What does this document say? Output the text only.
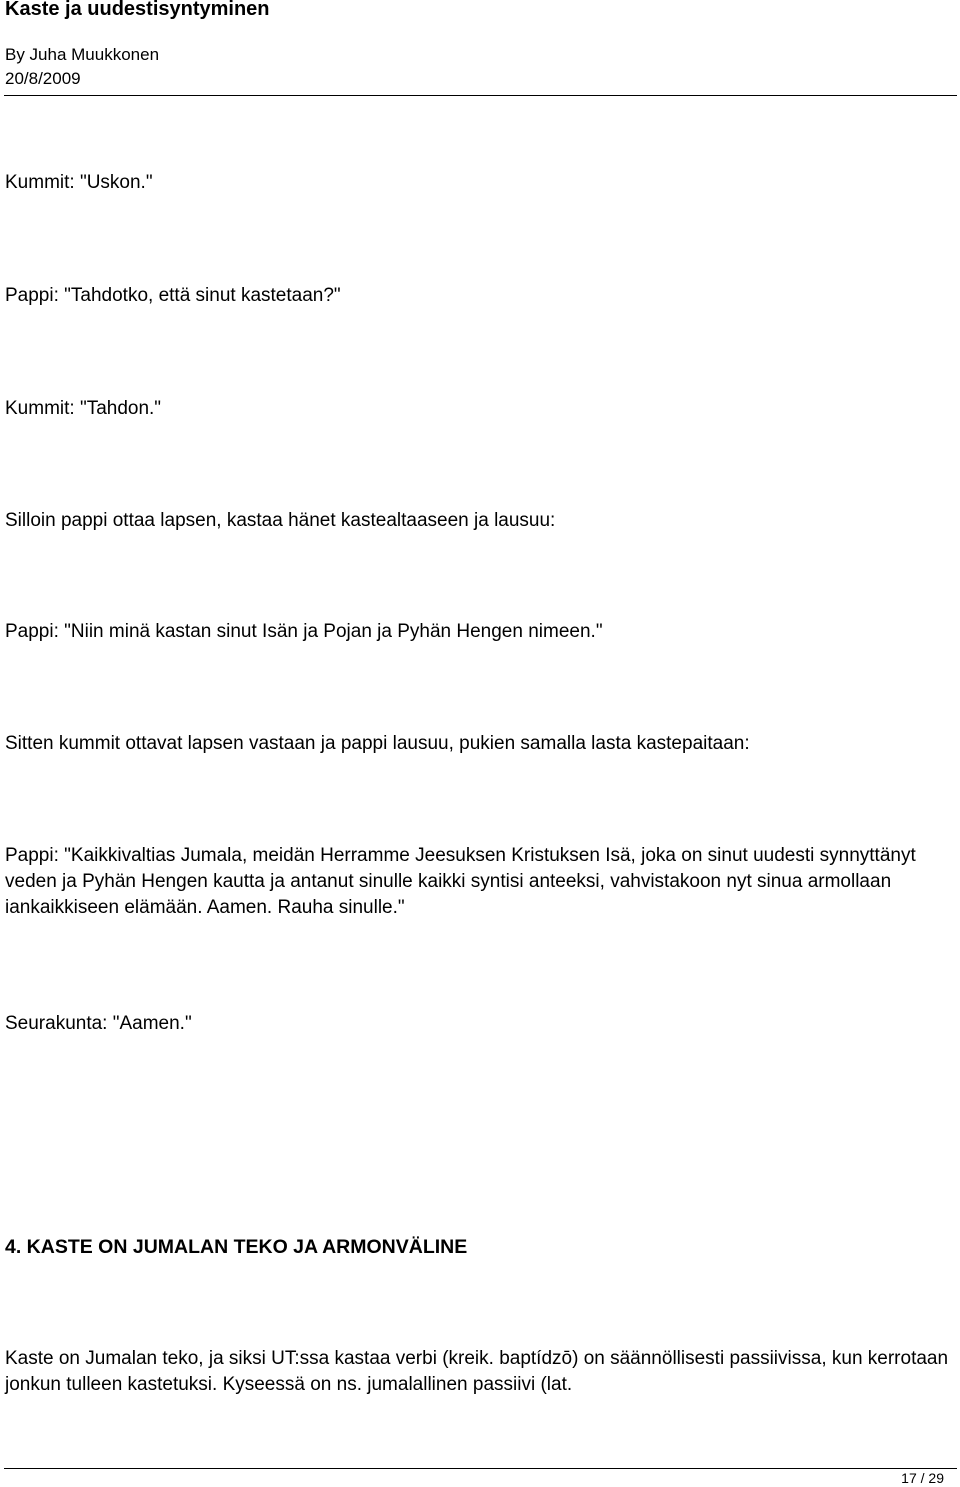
Kaste ja uudestisyntyminen
By Juha Muukkonen
20/8/2009

Kummit: "Uskon."

Pappi: "Tahdotko, että sinut kastetaan?"

Kummit: "Tahdon."

Silloin pappi ottaa lapsen, kastaa hänet kastealtaaseen ja lausuu:

Pappi: "Niin minä kastan sinut Isän ja Pojan ja Pyhän Hengen nimeen."

Sitten kummit ottavat lapsen vastaan ja pappi lausuu, pukien samalla lasta kastepaitaan:

Pappi: "Kaikkivaltias Jumala, meidän Herramme Jeesuksen Kristuksen Isä, joka on sinut uudesti synnyttänyt veden ja Pyhän Hengen kautta ja antanut sinulle kaikki syntisi anteeksi, vahvistakoon nyt sinua armollaan iankaikkiseen elämään. Aamen. Rauha sinulle."

Seurakunta: "Aamen."

4. KASTE ON JUMALAN TEKO JA ARMONVÄLINE

Kaste on Jumalan teko, ja siksi UT:ssa kastaa verbi (kreik. baptídzō) on säännöllisesti passiivissa, kun kerrotaan jonkun tulleen kastetuksi. Kyseessä on ns. jumalallinen passiivi (lat.

17 / 29
